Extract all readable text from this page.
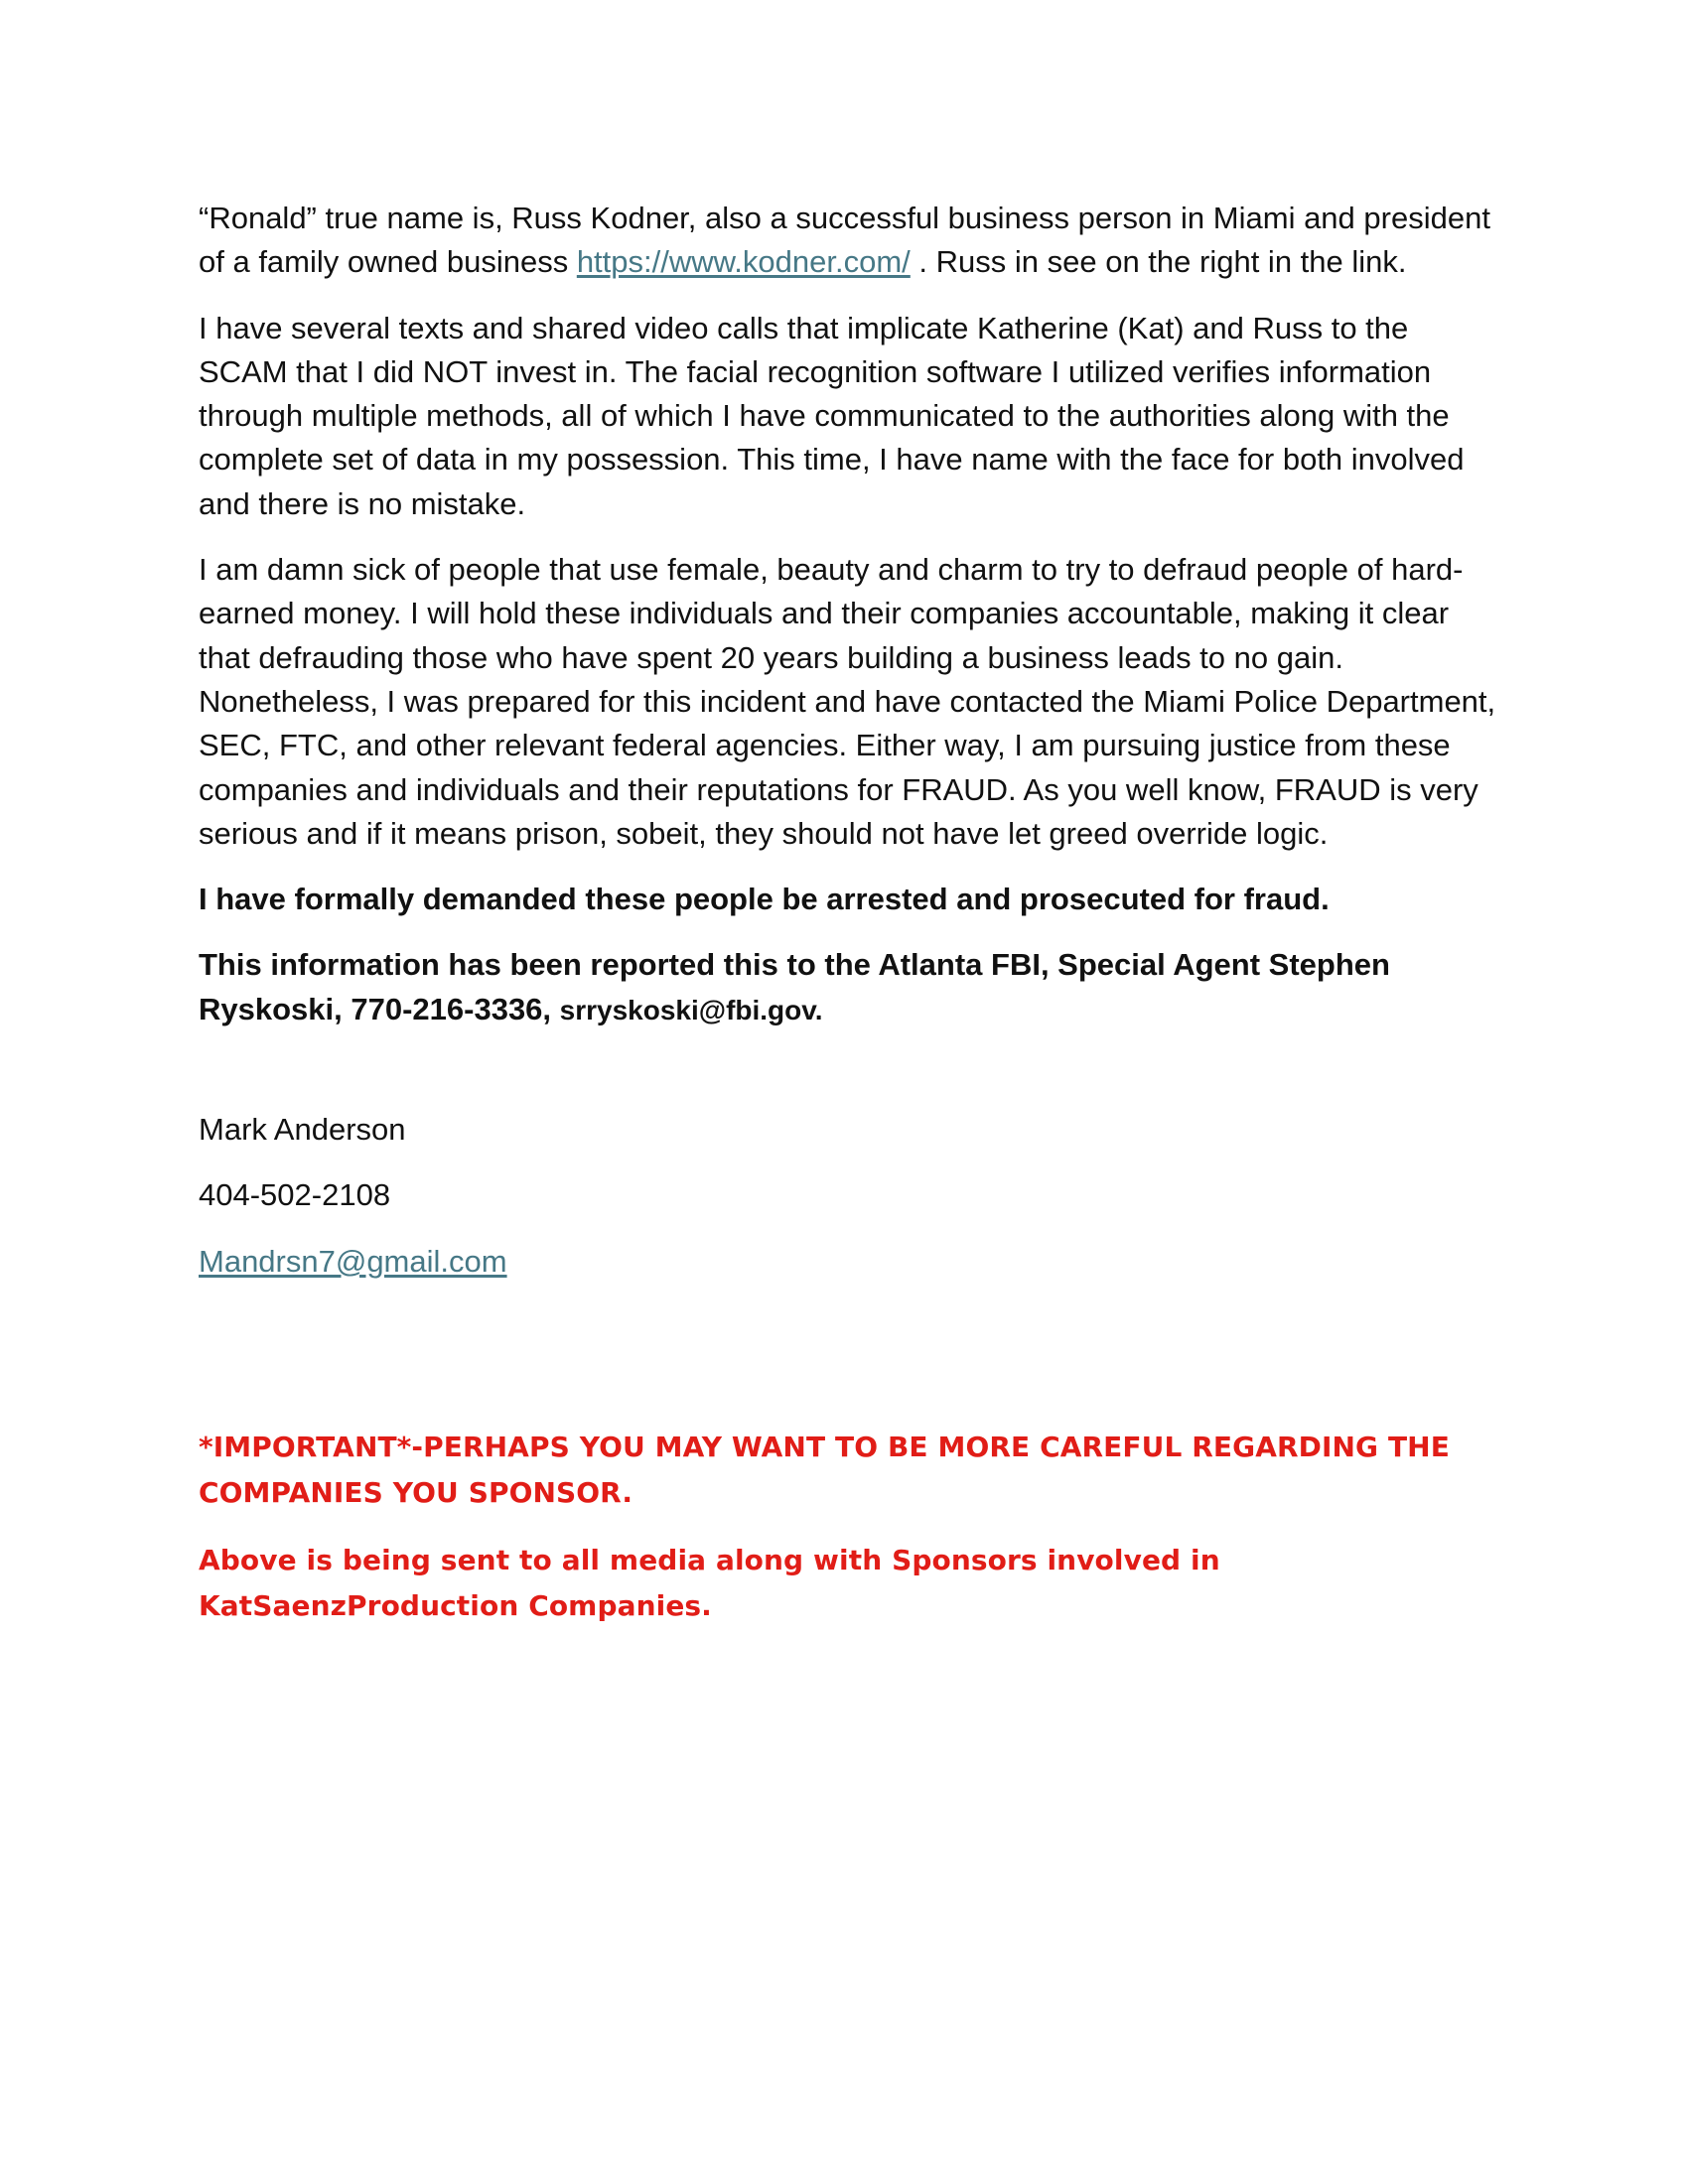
“Ronald” true name is, Russ Kodner, also a successful business person in Miami and president of a family owned business https://www.kodner.com/ . Russ in see on the right in the link.

I have several texts and shared video calls that implicate Katherine (Kat) and Russ to the SCAM that I did NOT invest in. The facial recognition software I utilized verifies information through multiple methods, all of which I have communicated to the authorities along with the complete set of data in my possession. This time, I have name with the face for both involved and there is no mistake.

I am damn sick of people that use female, beauty and charm to try to defraud people of hard-earned money. I will hold these individuals and their companies accountable, making it clear that defrauding those who have spent 20 years building a business leads to no gain. Nonetheless, I was prepared for this incident and have contacted the Miami Police Department, SEC, FTC, and other relevant federal agencies. Either way, I am pursuing justice from these companies and individuals and their reputations for FRAUD. As you well know, FRAUD is very serious and if it means prison, sobeit, they should not have let greed override logic.

I have formally demanded these people be arrested and prosecuted for fraud.

This information has been reported this to the Atlanta FBI, Special Agent Stephen Ryskoski, 770-216-3336, srryskoski@fbi.gov.

Mark Anderson

404-502-2108

Mandrsn7@gmail.com

*IMPORTANT*-PERHAPS YOU MAY WANT TO BE MORE CAREFUL REGARDING THE COMPANIES YOU SPONSOR.

Above is being sent to all media along with Sponsors involved in KatSaenzProduction Companies.
